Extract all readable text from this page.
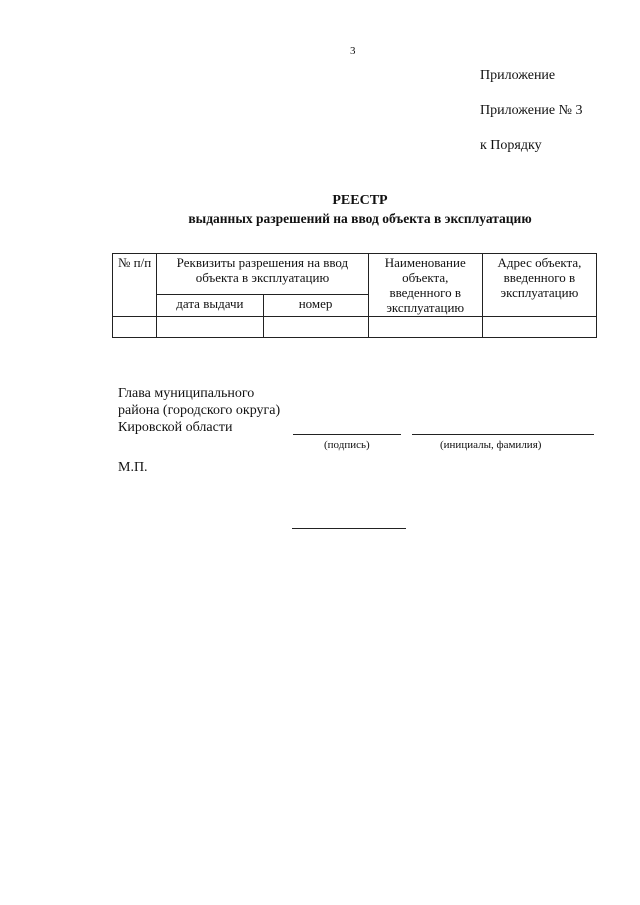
3
Приложение
Приложение № 3
к Порядку
РЕЕСТР
выданных разрешений на ввод объекта в эксплуатацию
№ п/п	Реквизиты разрешения на ввод объекта в эксплуатацию		Наименование объекта, введенного в эксплуатацию	Адрес объекта, введенного в эксплуатацию
	дата выдачи	номер		

Глава муниципального
района (городского округа)
Кировской области
(подпись)	(инициалы, фамилия)
М.П.
